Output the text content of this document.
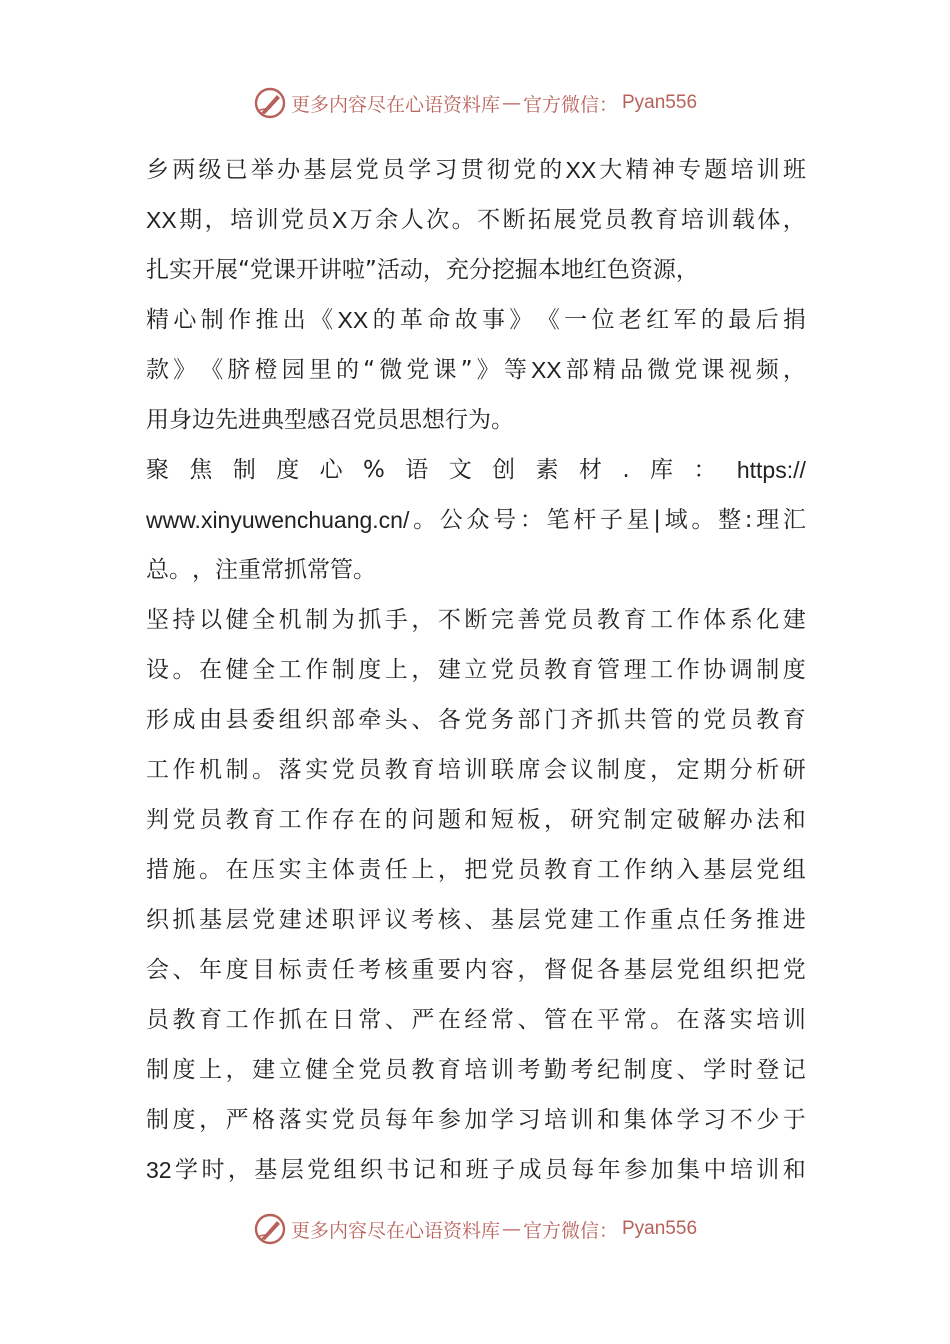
更多内容尽在心语资料库 — 官方微信： Pyan556
乡 两 级 已 举 办 基 层 党 员 学 习 贯 彻 党 的 XX 大 精 神 专 题 培 训 班
XX 期 ， 培 训 党 员 X 万 余 人 次 。 不 断 拓 展 党 员 教 育 培 训 载 体 ，
扎 实 开 展 “ 党 课 开 讲 啦 ” 活 动 ， 充 分 挖 掘 本 地 红 色 资 源 ，
精 心 制 作 推 出 《 XX 的 革 命 故 事 》 《 一 位 老 红 军 的 最 后 捐
款 》 《 脐 橙 园 里 的 “ 微 党 课 ” 》 等 XX 部 精 品 微 党 课 视 频 ，
用 身 边 先 进 典 型 感 召 党 员 思 想 行 为 。
聚 焦 制 度 心 % 语 文 创 素 材 . 库 ： https://
www.xinyuwenchuang.cn/ 。 公 众 号 ： 笔 杆 子 星 | 域 。 整 : 理 汇
总 。 ， 注 重 常 抓 常 管 。
坚 持 以 健 全 机 制 为 抓 手 ， 不 断 完 善 党 员 教 育 工 作 体 系 化 建
设 。 在 健 全 工 作 制 度 上 ， 建 立 党 员 教 育 管 理 工 作 协 调 制 度
形 成 由 县 委 组 织 部 牵 头 、 各 党 务 部 门 齐 抓 共 管 的 党 员 教 育
工 作 机 制 。 落 实 党 员 教 育 培 训 联 席 会 议 制 度 ， 定 期 分 析 研
判 党 员 教 育 工 作 存 在 的 问 题 和 短 板 ， 研 究 制 定 破 解 办 法 和
措 施 。 在 压 实 主 体 责 任 上 ， 把 党 员 教 育 工 作 纳 入 基 层 党 组
织 抓 基 层 党 建 述 职 评 议 考 核 、 基 层 党 建 工 作 重 点 任 务 推 进
会 、 年 度 目 标 责 任 考 核 重 要 内 容 ， 督 促 各 基 层 党 组 织 把 党
员 教 育 工 作 抓 在 日 常 、 严 在 经 常 、 管 在 平 常 。 在 落 实 培 训
制 度 上 ， 建 立 健 全 党 员 教 育 培 训 考 勤 考 纪 制 度 、 学 时 登 记
制 度 ， 严 格 落 实 党 员 每 年 参 加 学 习 培 训 和 集 体 学 习 不 少 于
32 学 时 ， 基 层 党 组 织 书 记 和 班 子 成 员 每 年 参 加 集 中 培 训 和
更多内容尽在心语资料库 — 官方微信： Pyan556
